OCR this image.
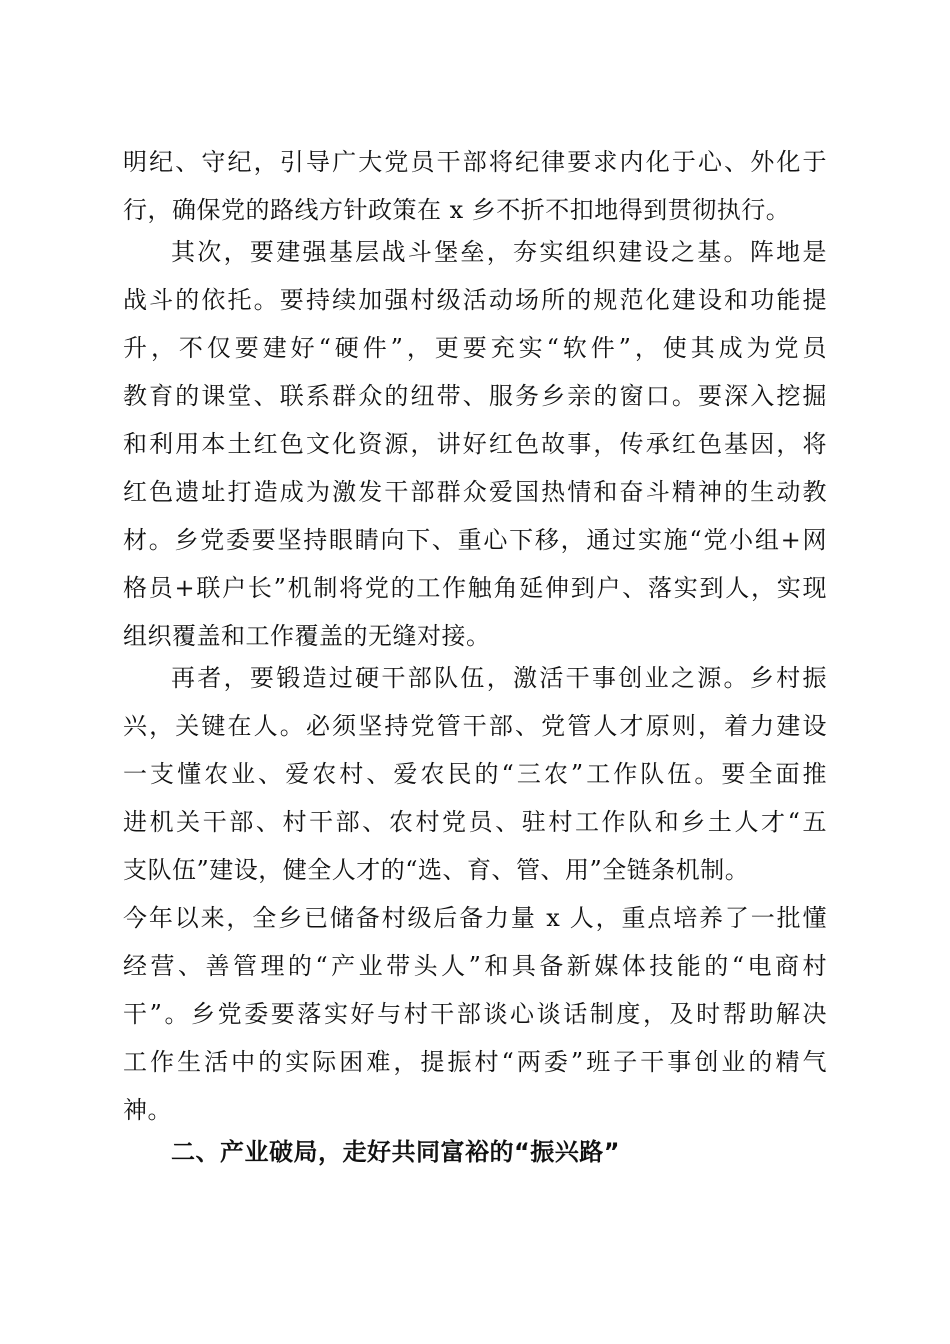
明纪、守纪，引导广大党员干部将纪律要求内化于心、外化于
行，确保党的路线方针政策在 x 乡不折不扣地得到贯彻执行。
其次，要建强基层战斗堡垒，夯实组织建设之基。阵地是
战斗的依托。要持续加强村级活动场所的规范化建设和功能提
升，不仅要建好“硬件”，更要充实“软件”，使其成为党员
教育的课堂、联系群众的纽带、服务乡亲的窗口。要深入挖掘
和利用本土红色文化资源，讲好红色故事，传承红色基因，将
红色遗址打造成为激发干部群众爱国热情和奋斗精神的生动教
材。乡党委要坚持眼睛向下、重心下移，通过实施“党小组+网
格员+联户长”机制将党的工作触角延伸到户、落实到人，实现
组织覆盖和工作覆盖的无缝对接。
再者，要锻造过硬干部队伍，激活干事创业之源。乡村振
兴，关键在人。必须坚持党管干部、党管人才原则，着力建设
一支懂农业、爱农村、爱农民的“三农”工作队伍。要全面推
进机关干部、村干部、农村党员、驻村工作队和乡土人才“五
支队伍”建设，健全人才的“选、育、管、用”全链条机制。
今年以来，全乡已储备村级后备力量 x 人，重点培养了一批懂
经营、善管理的“产业带头人”和具备新媒体技能的“电商村
干”。乡党委要落实好与村干部谈心谈话制度，及时帮助解决
工作生活中的实际困难，提振村“两委”班子干事创业的精气
神。
二、产业破局，走好共同富裕的“振兴路”
